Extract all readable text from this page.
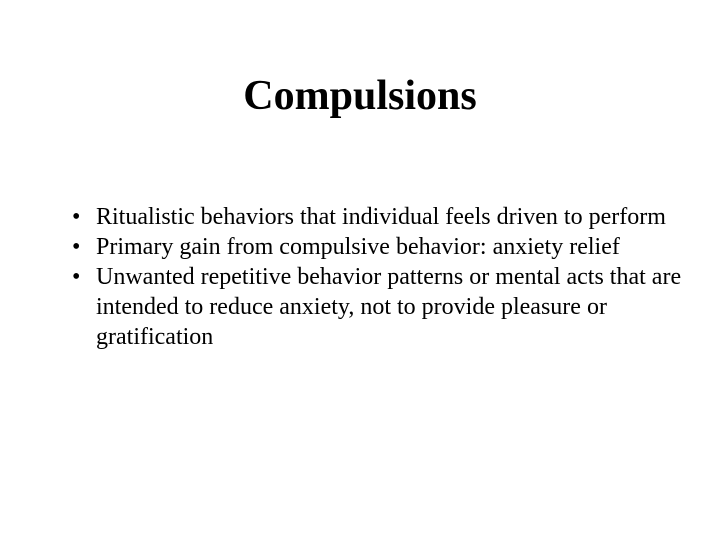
Compulsions
• Ritualistic behaviors that individual feels driven to perform
• Primary gain from compulsive behavior: anxiety relief
• Unwanted repetitive behavior patterns or mental acts that are intended to reduce anxiety, not to provide pleasure or gratification
